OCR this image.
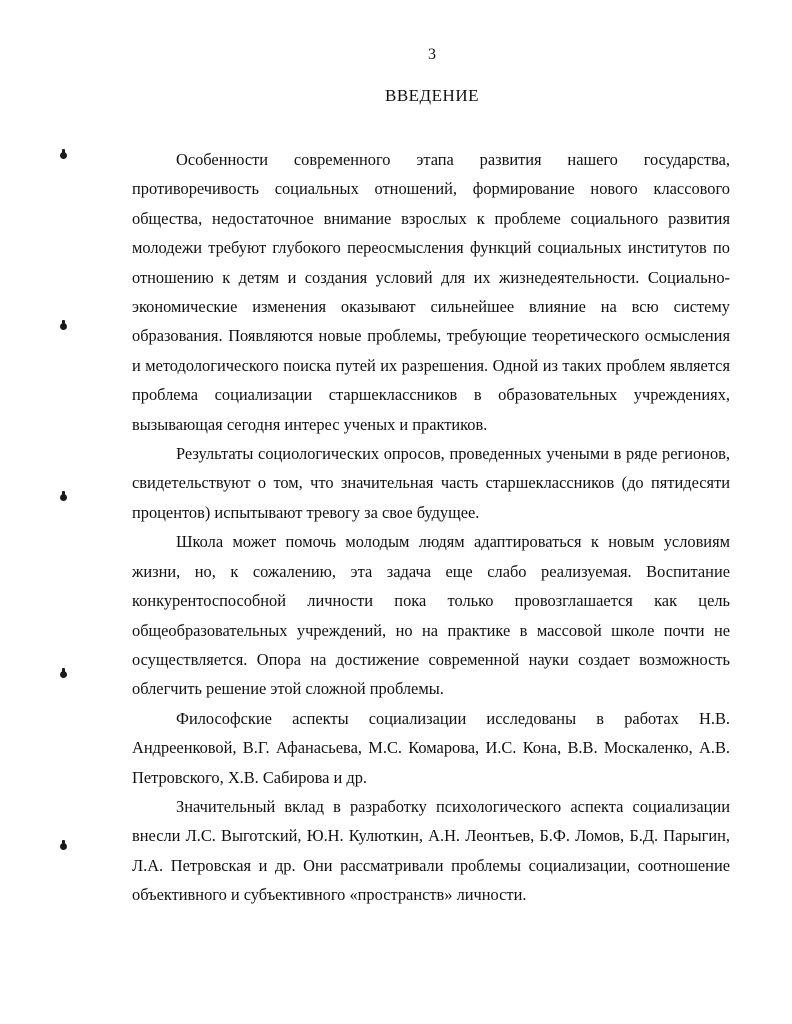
3
ВВЕДЕНИЕ

Особенности современного этапа развития нашего государства, противоречивость социальных отношений, формирование нового классового общества, недостаточное внимание взрослых к проблеме социального развития молодежи требуют глубокого переосмысления функций социальных институтов по отношению к детям и создания условий для их жизнедеятельности. Социально-экономические изменения оказывают сильнейшее влияние на всю систему образования. Появляются новые проблемы, требующие теоретического осмысления и методологического поиска путей их разрешения. Одной из таких проблем является проблема социализации старшеклассников в образовательных учреждениях, вызывающая сегодня интерес ученых и практиков.

Результаты социологических опросов, проведенных учеными в ряде регионов, свидетельствуют о том, что значительная часть старшеклассников (до пятидесяти процентов) испытывают тревогу за свое будущее.

Школа может помочь молодым людям адаптироваться к новым условиям жизни, но, к сожалению, эта задача еще слабо реализуемая. Воспитание конкурентоспособной личности пока только провозглашается как цель общеобразовательных учреждений, но на практике в массовой школе почти не осуществляется. Опора на достижение современной науки создает возможность облегчить решение этой сложной проблемы.

Философские аспекты социализации исследованы в работах Н.В. Андреенковой, В.Г. Афанасьева, М.С. Комарова, И.С. Кона, В.В. Москаленко, А.В. Петровского, Х.В. Сабирова и др.

Значительный вклад в разработку психологического аспекта социализации внесли Л.С. Выготский, Ю.Н. Кулюткин, А.Н. Леонтьев, Б.Ф. Ломов, Б.Д. Парыгин, Л.А. Петровская и др. Они рассматривали проблемы социализации, соотношение объективного и субъективного «пространств» личности.
